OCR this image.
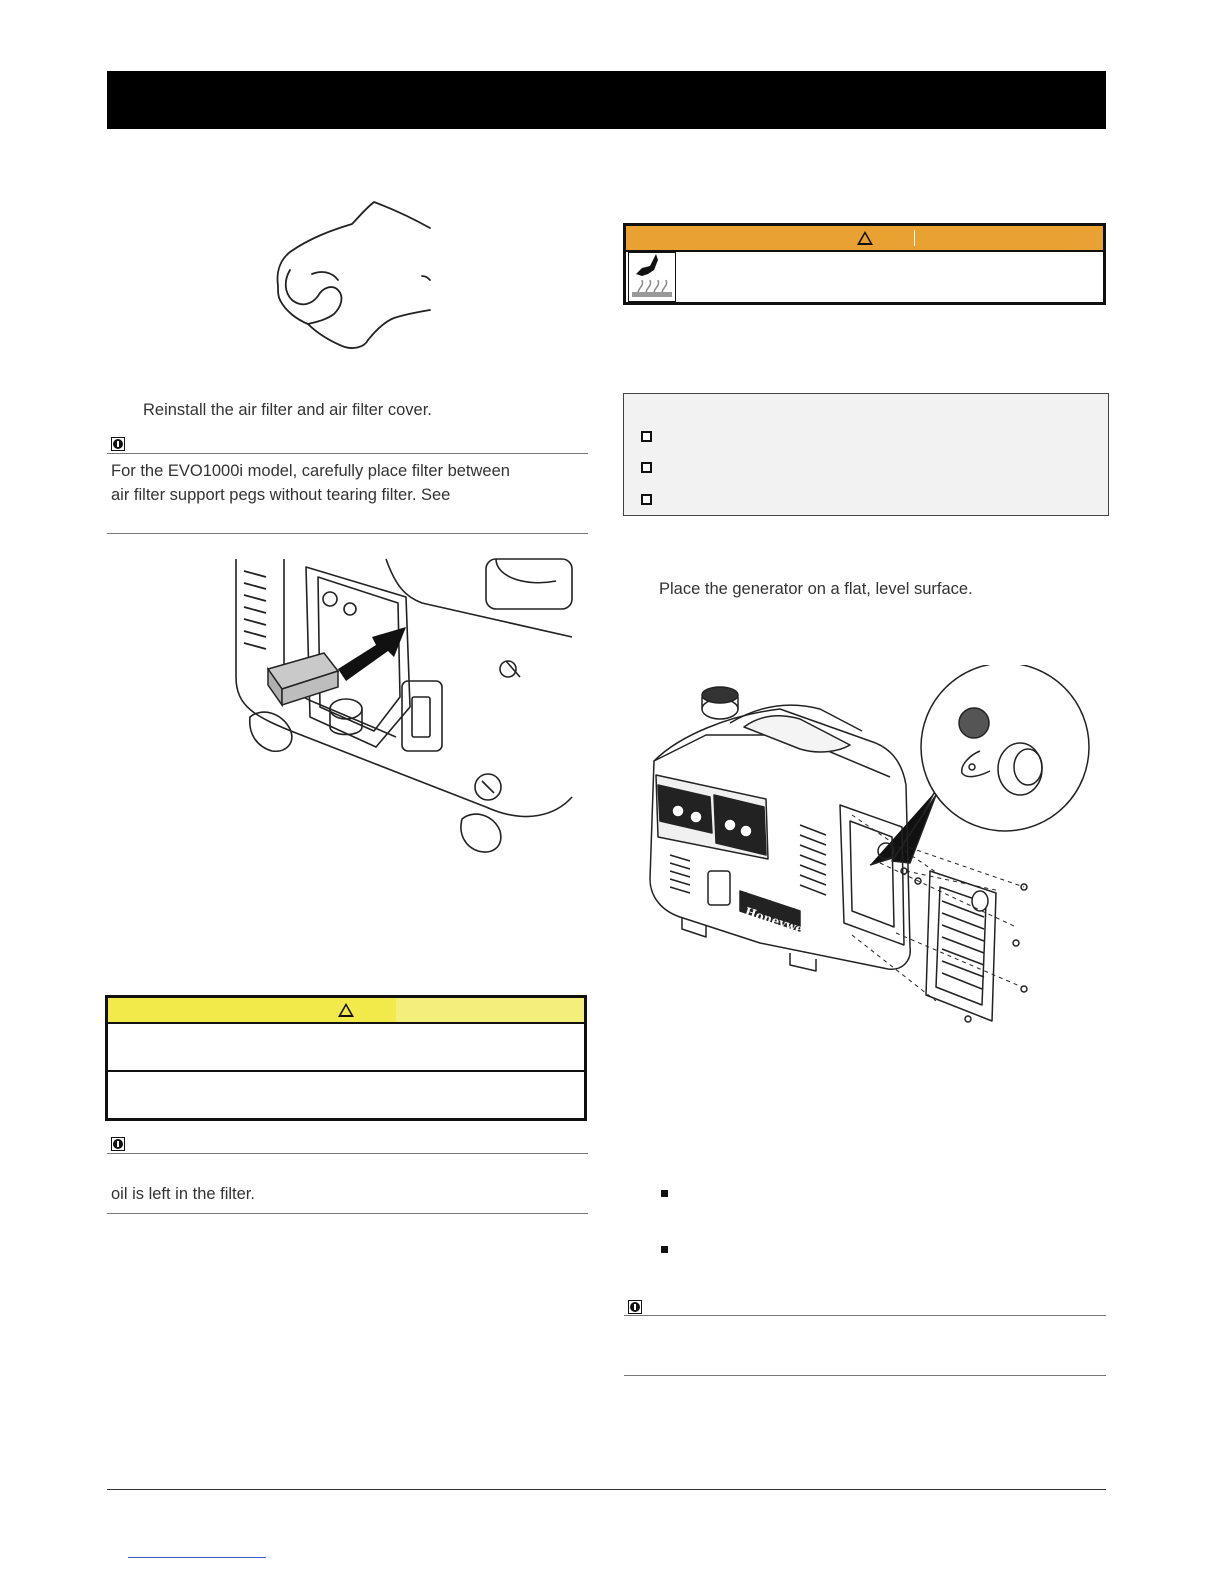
Reinstall the air filter and air filter cover.
For the EVO1000i model, carefully place filter between
air filter support pegs without tearing filter. See
oil is left in the filter.
Place the generator on a flat, level surface.
Honeywell
